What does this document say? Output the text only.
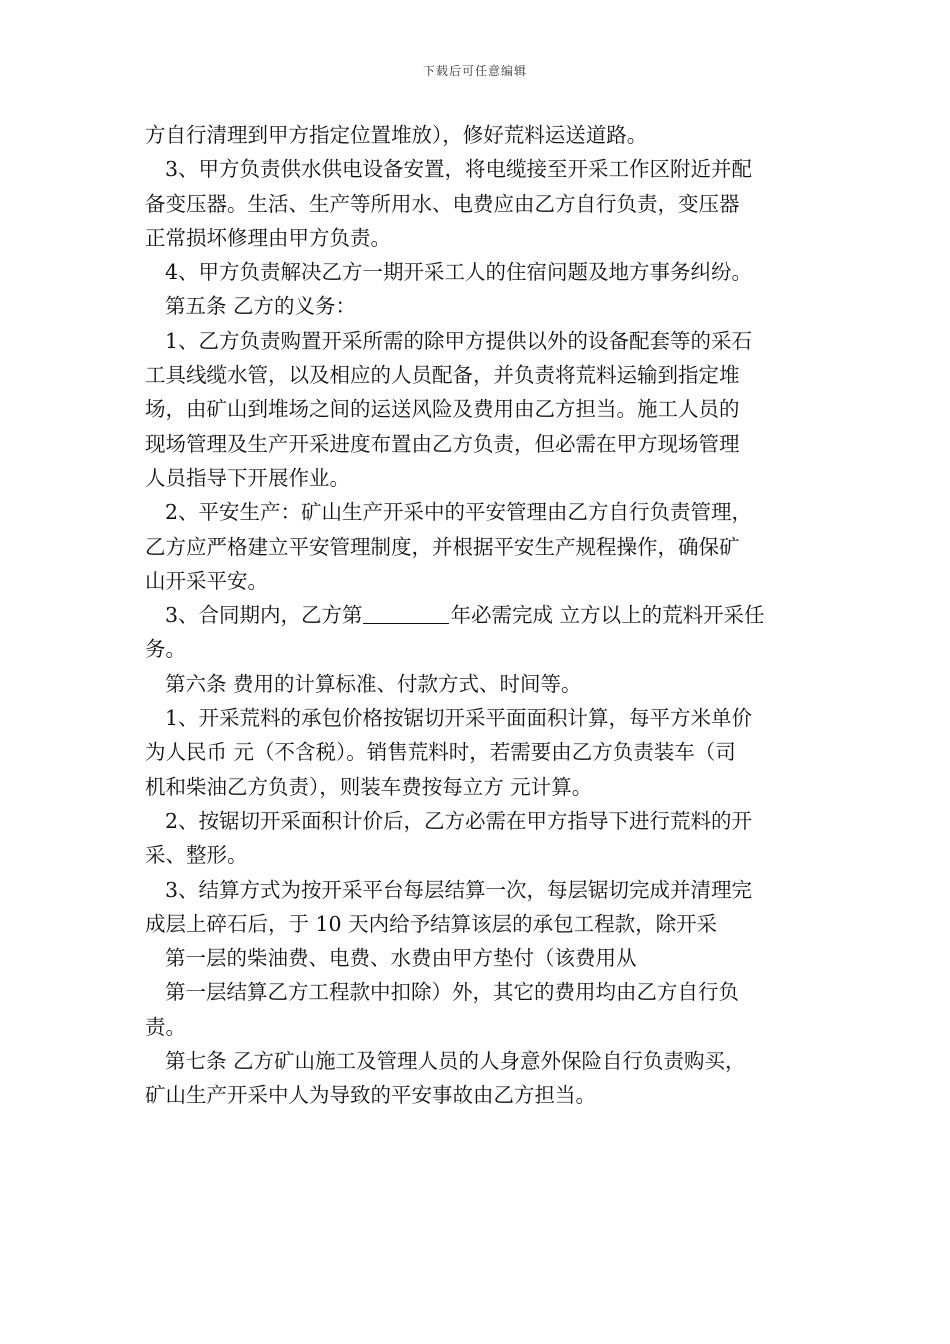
下载后可任意编辑

方自行清理到甲方指定位置堆放），修好荒料运送道路。

3、甲方负责供水供电设备安置，将电缆接至开采工作区附近并配

备变压器。生活、生产等所用水、电费应由乙方自行负责，变压器

正常损坏修理由甲方负责。

4、甲方负责解决乙方一期开采工人的住宿问题及地方事务纠纷。

第五条 乙方的义务：

1、乙方负责购置开采所需的除甲方提供以外的设备配套等的采石

工具线缆水管，以及相应的人员配备，并负责将荒料运输到指定堆

场，由矿山到堆场之间的运送风险及费用由乙方担当。施工人员的

现场管理及生产开采进度布置由乙方负责，但必需在甲方现场管理

人员指导下开展作业。

2、平安生产：矿山生产开采中的平安管理由乙方自行负责管理，

乙方应严格建立平安管理制度，并根据平安生产规程操作，确保矿

山开采平安。

3、合同期内，乙方第	年必需完成 立方以上的荒料开采任

务。

第六条 费用的计算标准、付款方式、时间等。

1、开采荒料的承包价格按锯切开采平面面积计算，每平方米单价

为人民币 元（不含税）。销售荒料时，若需要由乙方负责装车（司

机和柴油乙方负责），则装车费按每立方 元计算。

2、按锯切开采面积计价后，乙方必需在甲方指导下进行荒料的开

采、整形。

3、结算方式为按开采平台每层结算一次，每层锯切完成并清理完

成层上碎石后，于 10 天内给予结算该层的承包工程款，除开采

第一层的柴油费、电费、水费由甲方垫付（该费用从

第一层结算乙方工程款中扣除）外，其它的费用均由乙方自行负

责。

第七条 乙方矿山施工及管理人员的人身意外保险自行负责购买，

矿山生产开采中人为导致的平安事故由乙方担当。
